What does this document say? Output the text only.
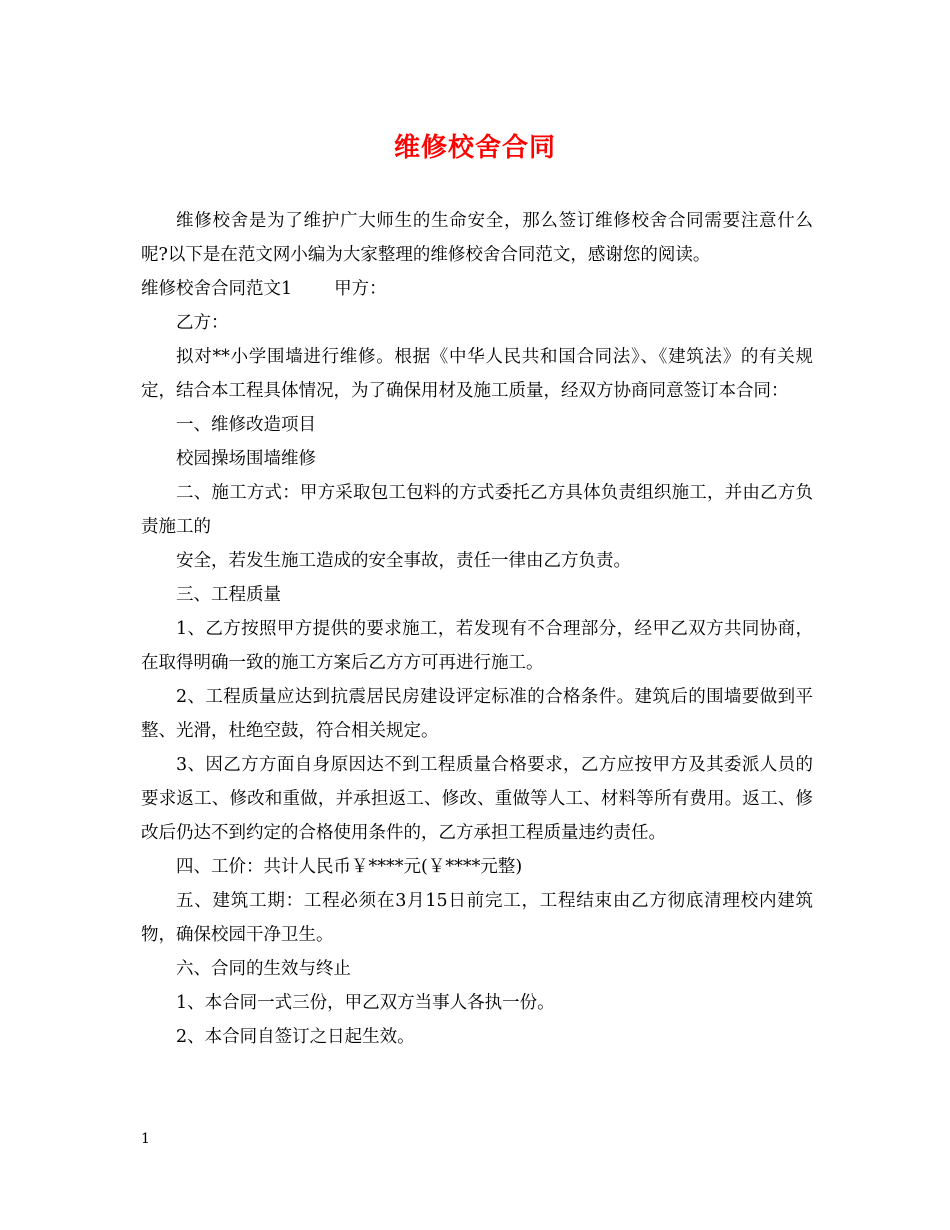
维修校舍合同

维修校舍是为了维护广大师生的生命安全，那么签订维修校舍合同需要注意什么呢?以下是在范文网小编为大家整理的维修校舍合同范文，感谢您的阅读。

维修校舍合同范文1 甲方：

乙方：

拟对**小学围墙进行维修。根据《中华人民共和国合同法》、《建筑法》的有关规定，结合本工程具体情况，为了确保用材及施工质量，经双方协商同意签订本合同：

一、维修改造项目

校园操场围墙维修

二、施工方式：甲方采取包工包料的方式委托乙方具体负责组织施工，并由乙方负责施工的

安全，若发生施工造成的安全事故，责任一律由乙方负责。

三、工程质量

1、乙方按照甲方提供的要求施工，若发现有不合理部分，经甲乙双方共同协商，在取得明确一致的施工方案后乙方方可再进行施工。

2、工程质量应达到抗震居民房建设评定标准的合格条件。建筑后的围墙要做到平整、光滑，杜绝空鼓，符合相关规定。

3、因乙方方面自身原因达不到工程质量合格要求，乙方应按甲方及其委派人员的要求返工、修改和重做，并承担返工、修改、重做等人工、材料等所有费用。返工、修改后仍达不到约定的合格使用条件的，乙方承担工程质量违约责任。

四、工价：共计人民币￥****元(￥****元整)

五、建筑工期：工程必须在3月15日前完工，工程结束由乙方彻底清理校内建筑物，确保校园干净卫生。

六、合同的生效与终止

1、本合同一式三份，甲乙双方当事人各执一份。

2、本合同自签订之日起生效。

1
